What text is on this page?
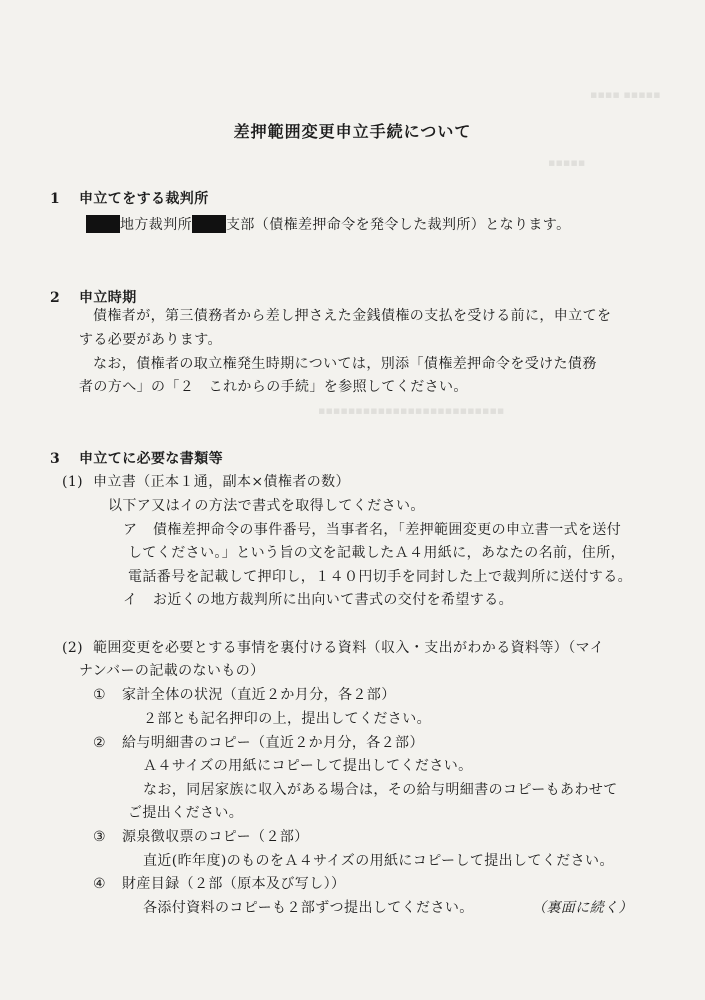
▪▪▪▪ ▪▪▪▪▪
▪▪▪▪▪
▪▪▪▪▪▪▪▪▪▪▪▪▪▪▪▪▪▪▪▪▪▪▪▪▪
差押範囲変更申立手続について
1 申立てをする裁判所
地方裁判所 支部（債権差押命令を発令した裁判所）となります。
2 申立時期
債権者が，第三債務者から差し押さえた金銭債権の支払を受ける前に，申立てを
する必要があります。
なお，債権者の取立権発生時期については，別添「債権差押命令を受けた債務
者の方へ」の「２　これからの手続」を参照してください。
3 申立てに必要な書類等
(1) 申立書（正本１通，副本×債権者の数）
以下ア又はイの方法で書式を取得してください。
ア 債権差押命令の事件番号，当事者名，「差押範囲変更の申立書一式を送付
してください。」という旨の文を記載したＡ４用紙に，あなたの名前，住所，
電話番号を記載して押印し，１４０円切手を同封した上で裁判所に送付する。
イ お近くの地方裁判所に出向いて書式の交付を希望する。
(2) 範囲変更を必要とする事情を裏付ける資料（収入・支出がわかる資料等）（マイ
ナンバーの記載のないもの）
① 家計全体の状況（直近２か月分，各２部）
２部とも記名押印の上，提出してください。
② 給与明細書のコピー（直近２か月分，各２部）
Ａ４サイズの用紙にコピーして提出してください。
なお，同居家族に収入がある場合は，その給与明細書のコピーもあわせて
ご提出ください。
③ 源泉徴収票のコピー（２部）
直近(昨年度)のものをＡ４サイズの用紙にコピーして提出してください。
④ 財産目録（２部（原本及び写し））
各添付資料のコピーも２部ずつ提出してください。	（裏面に続く）
